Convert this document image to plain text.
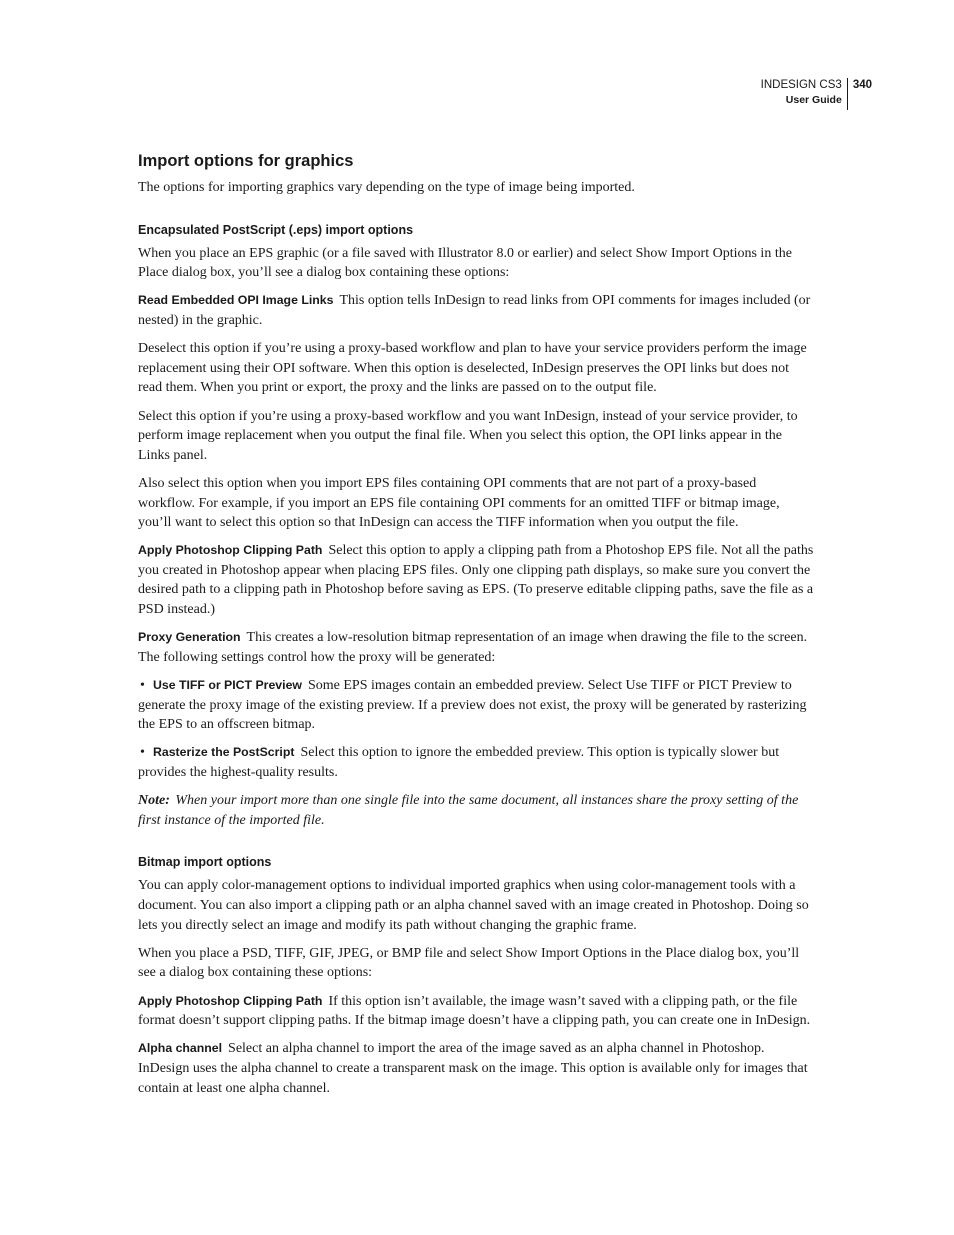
INDESIGN CS3
User Guide
340
Import options for graphics

The options for importing graphics vary depending on the type of image being imported.

Encapsulated PostScript (.eps) import options

When you place an EPS graphic (or a file saved with Illustrator 8.0 or earlier) and select Show Import Options in the Place dialog box, you’ll see a dialog box containing these options:

Read Embedded OPI Image Links This option tells InDesign to read links from OPI comments for images included (or nested) in the graphic.

Deselect this option if you’re using a proxy-based workflow and plan to have your service providers perform the image replacement using their OPI software. When this option is deselected, InDesign preserves the OPI links but does not read them. When you print or export, the proxy and the links are passed on to the output file.

Select this option if you’re using a proxy-based workflow and you want InDesign, instead of your service provider, to perform image replacement when you output the final file. When you select this option, the OPI links appear in the Links panel.

Also select this option when you import EPS files containing OPI comments that are not part of a proxy-based workflow. For example, if you import an EPS file containing OPI comments for an omitted TIFF or bitmap image, you’ll want to select this option so that InDesign can access the TIFF information when you output the file.

Apply Photoshop Clipping Path Select this option to apply a clipping path from a Photoshop EPS file. Not all the paths you created in Photoshop appear when placing EPS files. Only one clipping path displays, so make sure you convert the desired path to a clipping path in Photoshop before saving as EPS. (To preserve editable clipping paths, save the file as a PSD instead.)

Proxy Generation This creates a low-resolution bitmap representation of an image when drawing the file to the screen. The following settings control how the proxy will be generated:

• Use TIFF or PICT Preview Some EPS images contain an embedded preview. Select Use TIFF or PICT Preview to generate the proxy image of the existing preview. If a preview does not exist, the proxy will be generated by rasterizing the EPS to an offscreen bitmap.

• Rasterize the PostScript Select this option to ignore the embedded preview. This option is typically slower but provides the highest-quality results.

Note: When your import more than one single file into the same document, all instances share the proxy setting of the first instance of the imported file.

Bitmap import options

You can apply color-management options to individual imported graphics when using color-management tools with a document. You can also import a clipping path or an alpha channel saved with an image created in Photoshop. Doing so lets you directly select an image and modify its path without changing the graphic frame.

When you place a PSD, TIFF, GIF, JPEG, or BMP file and select Show Import Options in the Place dialog box, you’ll see a dialog box containing these options:

Apply Photoshop Clipping Path If this option isn’t available, the image wasn’t saved with a clipping path, or the file format doesn’t support clipping paths. If the bitmap image doesn’t have a clipping path, you can create one in InDesign.

Alpha channel Select an alpha channel to import the area of the image saved as an alpha channel in Photoshop. InDesign uses the alpha channel to create a transparent mask on the image. This option is available only for images that contain at least one alpha channel.
